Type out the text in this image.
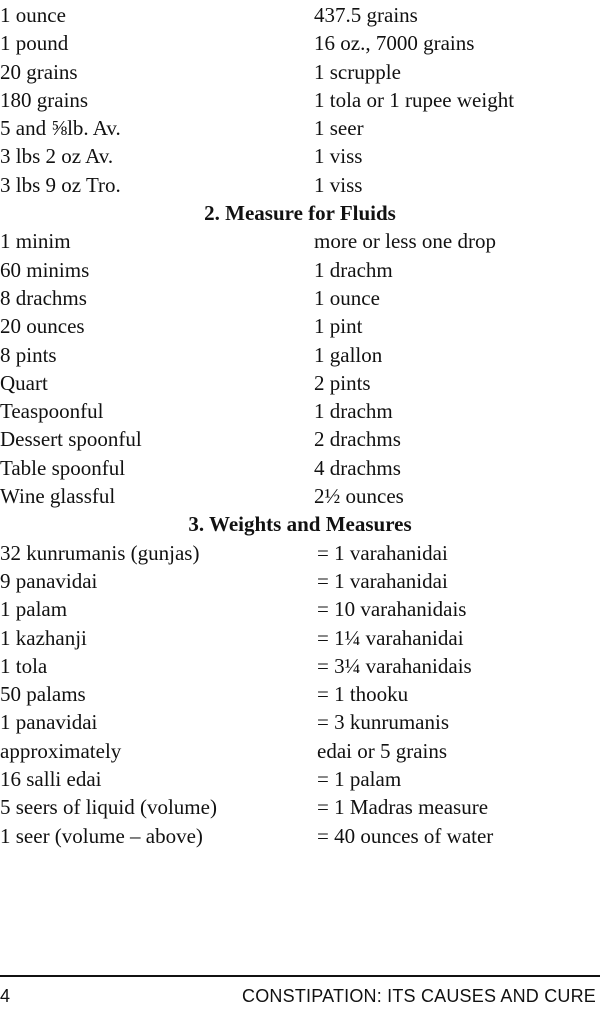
1 ounce	437.5 grains
1 pound	16 oz., 7000 grains
20 grains	1 scrupple
180 grains	1 tola or 1 rupee weight
5 and ⅝lb. Av.	1 seer
3 lbs 2 oz Av.	1 viss
3 lbs 9 oz Tro.	1 viss
2. Measure for Fluids
1 minim	more or less one drop
60 minims	1 drachm
8 drachms	1 ounce
20 ounces	1 pint
8 pints	1 gallon
Quart	2 pints
Teaspoonful	1 drachm
Dessert spoonful	2 drachms
Table spoonful	4 drachms
Wine glassful	2½ ounces
3. Weights and Measures
32 kunrumanis (gunjas)	= 1 varahanidai
9 panavidai	= 1 varahanidai
1 palam	= 10 varahanidais
1 kazhanji	= 1¼ varahanidai
1 tola	= 3¼ varahanidais
50 palams	= 1 thooku
1 panavidai	= 3 kunrumanis
approximately	edai or 5 grains
16 salli edai	= 1 palam
5 seers of liquid (volume)	= 1 Madras measure
1 seer (volume – above)	= 40 ounces of water
4	CONSTIPATION: ITS CAUSES AND CURE
